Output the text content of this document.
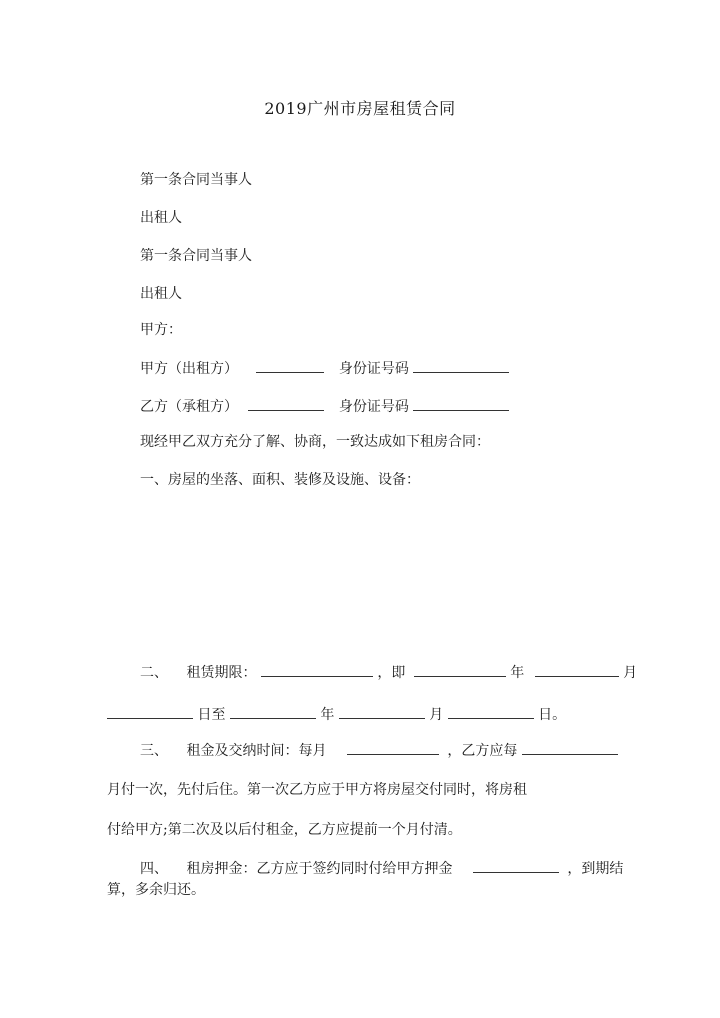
2019广州市房屋租赁合同
第一条合同当事人
出租人
第一条合同当事人
出租人
甲方：
甲方（出租方）	身份证号码
乙方（承租方）	身份证号码
现经甲乙双方充分了解、协商，一致达成如下租房合同：
一、房屋的坐落、面积、装修及设施、设备：
二、 租赁期限：	，即	年	月
日至	年	月	日。
三、 租金及交纳时间：每月	，乙方应每
月付一次，先付后住。第一次乙方应于甲方将房屋交付同时，将房租
付给甲方;第二次及以后付租金，乙方应提前一个月付清。
四、 租房押金：乙方应于签约同时付给甲方押金	，到期结
算，多余归还。
